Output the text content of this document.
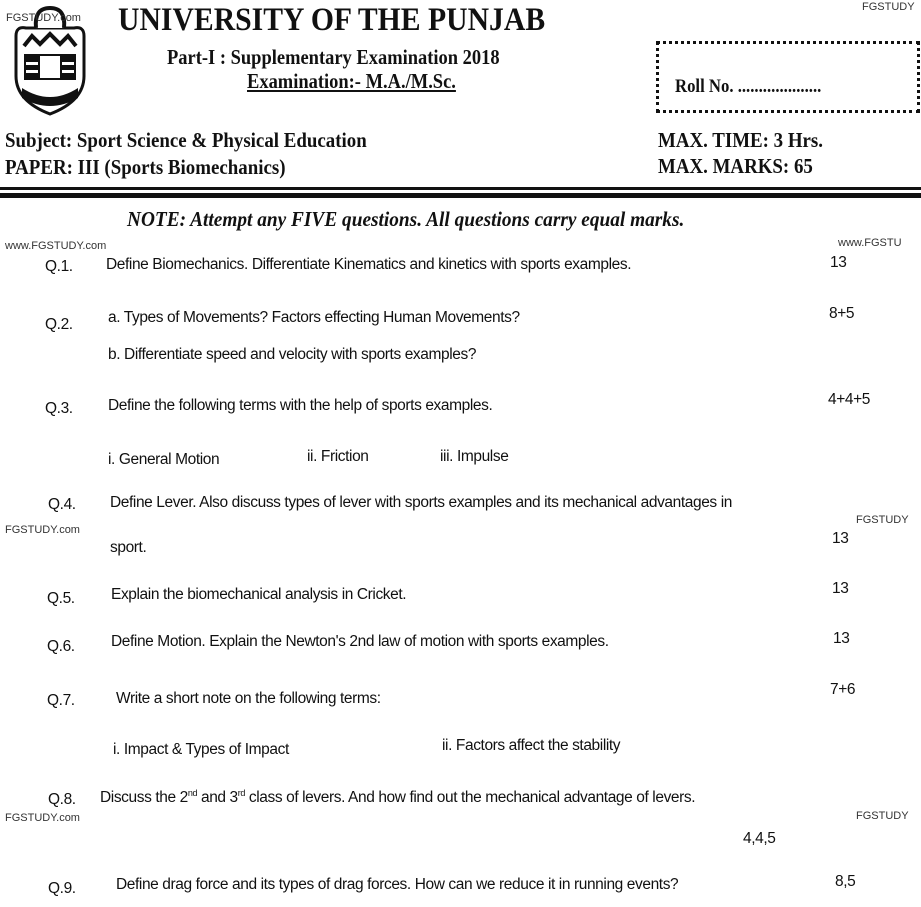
FGSTUDY.com
FGSTUDY
UNIVERSITY OF THE PUNJAB
Part-I : Supplementary Examination 2018
Examination:- M.A./M.Sc.	Roll No. ....................
Subject: Sport Science & Physical Education
PAPER: III (Sports Biomechanics)
MAX. TIME: 3 Hrs.
MAX. MARKS: 65
NOTE: Attempt any FIVE questions. All questions carry equal marks.
www.FGSTU
www.FGSTUDY.com
Q.1. Define Biomechanics. Differentiate Kinematics and kinetics with sports examples.	13
Q.2. a. Types of Movements? Factors effecting Human Movements?
b. Differentiate speed and velocity with sports examples?
8+5
Q.3. Define the following terms with the help of sports examples.	4+4+5
i. General Motion	ii. Friction	iii. Impulse
Q.4. Define Lever. Also discuss types of lever with sports examples and its mechanical advantages in
FGSTUDY
FGSTUDY.com
sport.
13
Q.5. Explain the biomechanical analysis in Cricket.	13
Q.6. Define Motion. Explain the Newton's 2nd law of motion with sports examples.	13
Q.7.	Write a short note on the following terms:
7+6
i. Impact & Types of Impact	ii. Factors affect the stability
Q.8. Discuss the 2nd and 3rd class of levers. And how find out the mechanical advantage of levers.
FGSTUDY
FGSTUDY.com
4,4,5
Q.9.	Define drag force and its types of drag forces. How can we reduce it in running events?	8,5
